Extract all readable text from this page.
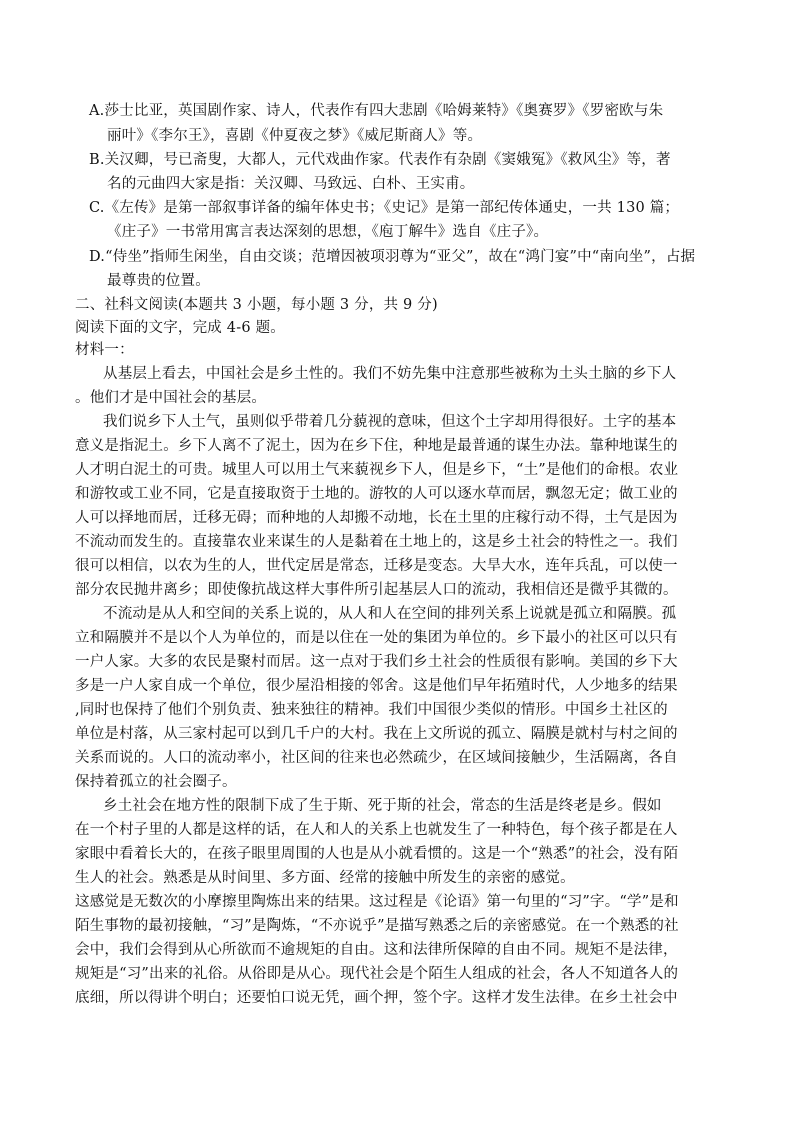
A.莎士比亚，英国剧作家、诗人，代表作有四大悲剧《哈姆莱特》《奥赛罗》《罗密欧与朱
丽叶》《李尔王》，喜剧《仲夏夜之梦》《威尼斯商人》等。
B.关汉卿，号已斋叟，大都人，元代戏曲作家。代表作有杂剧《窦娥冤》《救风尘》等，著
名的元曲四大家是指：关汉卿、马致远、白朴、王实甫。
C.《左传》是第一部叙事详备的编年体史书；《史记》是第一部纪传体通史，一共 130 篇；
《庄子》一书常用寓言表达深刻的思想，《庖丁解牛》选自《庄子》。
D.“侍坐”指师生闲坐，自由交谈；范增因被项羽尊为“亚父”，故在“鸿门宴”中“南向坐”，占据
最尊贵的位置。
二、社科文阅读(本题共 3 小题，每小题 3 分，共 9 分)
阅读下面的文字，完成 4-6 题。
材料一：
从基层上看去，中国社会是乡土性的。我们不妨先集中注意那些被称为土头土脑的乡下人
。他们才是中国社会的基层。
我们说乡下人土气，虽则似乎带着几分藐视的意味，但这个土字却用得很好。土字的基本
意义是指泥土。乡下人离不了泥土，因为在乡下住，种地是最普通的谋生办法。靠种地谋生的
人才明白泥土的可贵。城里人可以用土气来藐视乡下人，但是乡下，“土”是他们的命根。农业
和游牧或工业不同，它是直接取资于土地的。游牧的人可以逐水草而居，飘忽无定；做工业的
人可以择地而居，迁移无碍；而种地的人却搬不动地，长在土里的庄稼行动不得，土气是因为
不流动而发生的。直接靠农业来谋生的人是黏着在土地上的，这是乡土社会的特性之一。我们
很可以相信，以农为生的人，世代定居是常态，迁移是变态。大旱大水，连年兵乱，可以使一
部分农民抛井离乡；即使像抗战这样大事件所引起基层人口的流动，我相信还是微乎其微的。
不流动是从人和空间的关系上说的，从人和人在空间的排列关系上说就是孤立和隔膜。孤
立和隔膜并不是以个人为单位的，而是以住在一处的集团为单位的。乡下最小的社区可以只有
一户人家。大多的农民是聚村而居。这一点对于我们乡土社会的性质很有影响。美国的乡下大
多是一户人家自成一个单位，很少屋沿相接的邻舍。这是他们早年拓殖时代，人少地多的结果
,同时也保持了他们个别负责、独来独往的精神。我们中国很少类似的情形。中国乡土社区的
单位是村落，从三家村起可以到几千户的大村。我在上文所说的孤立、隔膜是就村与村之间的
关系而说的。人口的流动率小，社区间的往来也必然疏少，在区域间接触少，生活隔离，各自
保持着孤立的社会圈子。
乡土社会在地方性的限制下成了生于斯、死于斯的社会，常态的生活是终老是乡。假如
在一个村子里的人都是这样的话，在人和人的关系上也就发生了一种特色，每个孩子都是在人
家眼中看着长大的，在孩子眼里周围的人也是从小就看惯的。这是一个“熟悉”的社会，没有陌
生人的社会。熟悉是从时间里、多方面、经常的接触中所发生的亲密的感觉。
这感觉是无数次的小摩擦里陶炼出来的结果。这过程是《论语》第一句里的“习”字。“学”是和
陌生事物的最初接触，“习”是陶炼，“不亦说乎”是描写熟悉之后的亲密感觉。在一个熟悉的社
会中，我们会得到从心所欲而不逾规矩的自由。这和法律所保障的自由不同。规矩不是法律，
规矩是“习”出来的礼俗。从俗即是从心。现代社会是个陌生人组成的社会，各人不知道各人的
底细，所以得讲个明白；还要怕口说无凭，画个押，签个字。这样才发生法律。在乡土社会中
